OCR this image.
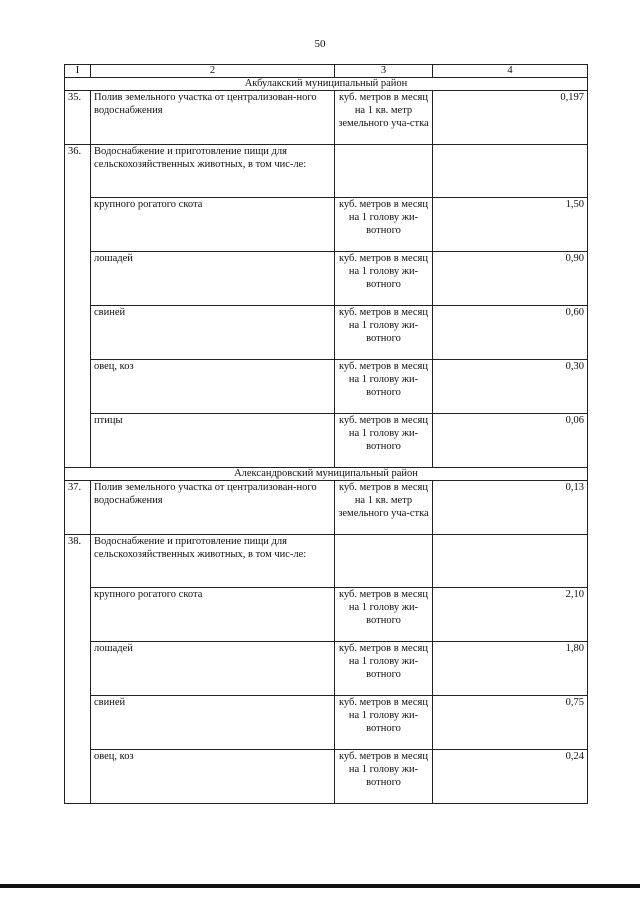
50
I	2	3	4
Акбулакский муниципальный район			
35.	Полив земельного участка от централизован-ного водоснабжения	куб. метров в месяц на 1 кв. метр земельного уча-стка	0,197
36.	Водоснабжение и приготовление пищи для сельскохозяйственных животных, в том чис-ле:		
	крупного рогатого скота	куб. метров в месяц на 1 голову жи-вотного	1,50
	лошадей	куб. метров в месяц на 1 голову жи-вотного	0,90
	свиней	куб. метров в месяц на 1 голову жи-вотного	0,60
	овец, коз	куб. метров в месяц на 1 голову жи-вотного	0,30
	птицы	куб. метров в месяц на 1 голову жи-вотного	0,06
Александровский муниципальный район			
37.	Полив земельного участка от централизован-ного водоснабжения	куб. метров в месяц на 1 кв. метр земельного уча-стка	0,13
38.	Водоснабжение и приготовление пищи для сельскохозяйственных животных, в том чис-ле:		
	крупного рогатого скота	куб. метров в месяц на 1 голову жи-вотного	2,10
	лошадей	куб. метров в месяц на 1 голову жи-вотного	1,80
	свиней	куб. метров в месяц на 1 голову жи-вотного	0,75
	овец, коз	куб. метров в месяц на 1 голову жи-вотного	0,24
